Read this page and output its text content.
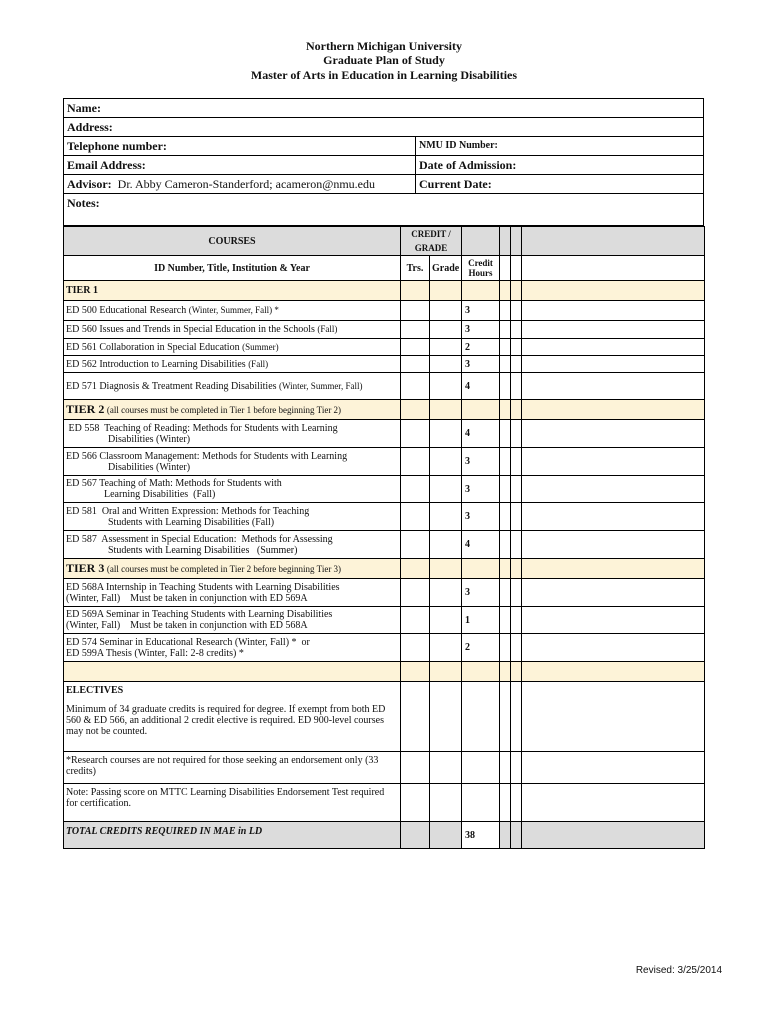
Northern Michigan University
Graduate Plan of Study
Master of Arts in Education in Learning Disabilities
Name:
Address:
Telephone number:	NMU ID Number:
Email Address:	Date of Admission:
Advisor: Dr. Abby Cameron-Standerford; acameron@nmu.edu	Current Date:
Notes:
COURSES	CREDIT / GRADE					
ID Number, Title, Institution & Year	Trs.	Grade	Credit Hours			
TIER 1						
ED 500 Educational Research (Winter, Summer, Fall) *			3			
ED 560 Issues and Trends in Special Education in the Schools (Fall)			3			
ED 561 Collaboration in Special Education (Summer)			2			
ED 562 Introduction to Learning Disabilities (Fall)			3			
ED 571 Diagnosis & Treatment Reading Disabilities (Winter, Summer, Fall)			4			
TIER 2 (all courses must be completed in Tier 1 before beginning Tier 2)						
ED 558  Teaching of Reading: Methods for Students with Learning
Disabilities (Winter)			4			
ED 566 Classroom Management: Methods for Students with Learning
Disabilities (Winter)			3			
ED 567 Teaching of Math: Methods for Students with
Learning Disabilities  (Fall)			3			
ED 581  Oral and Written Expression: Methods for Teaching
Students with Learning Disabilities (Fall)			3			
ED 587  Assessment in Special Education:  Methods for Assessing
Students with Learning Disabilities   (Summer)			4			
TIER 3 (all courses must be completed in Tier 2 before beginning Tier 3)						
ED 568A Internship in Teaching Students with Learning Disabilities
(Winter, Fall)    Must be taken in conjunction with ED 569A			3			
ED 569A Seminar in Teaching Students with Learning Disabilities
(Winter, Fall)    Must be taken in conjunction with ED 568A			1			
ED 574 Seminar in Educational Research (Winter, Fall) *  or
ED 599A Thesis (Winter, Fall: 2-8 credits) *			2			

ELECTIVES
Minimum of 34 graduate credits is required for degree. If exempt from both ED 560 & ED 566, an additional 2 credit elective is required. ED 900-level courses may not be counted.						

*Research courses are not required for those seeking an endorsement only (33 credits)						
Note: Passing score on MTTC Learning Disabilities Endorsement Test required for certification.						
TOTAL CREDITS REQUIRED IN MAE in LD			38			
Revised: 3/25/2014
